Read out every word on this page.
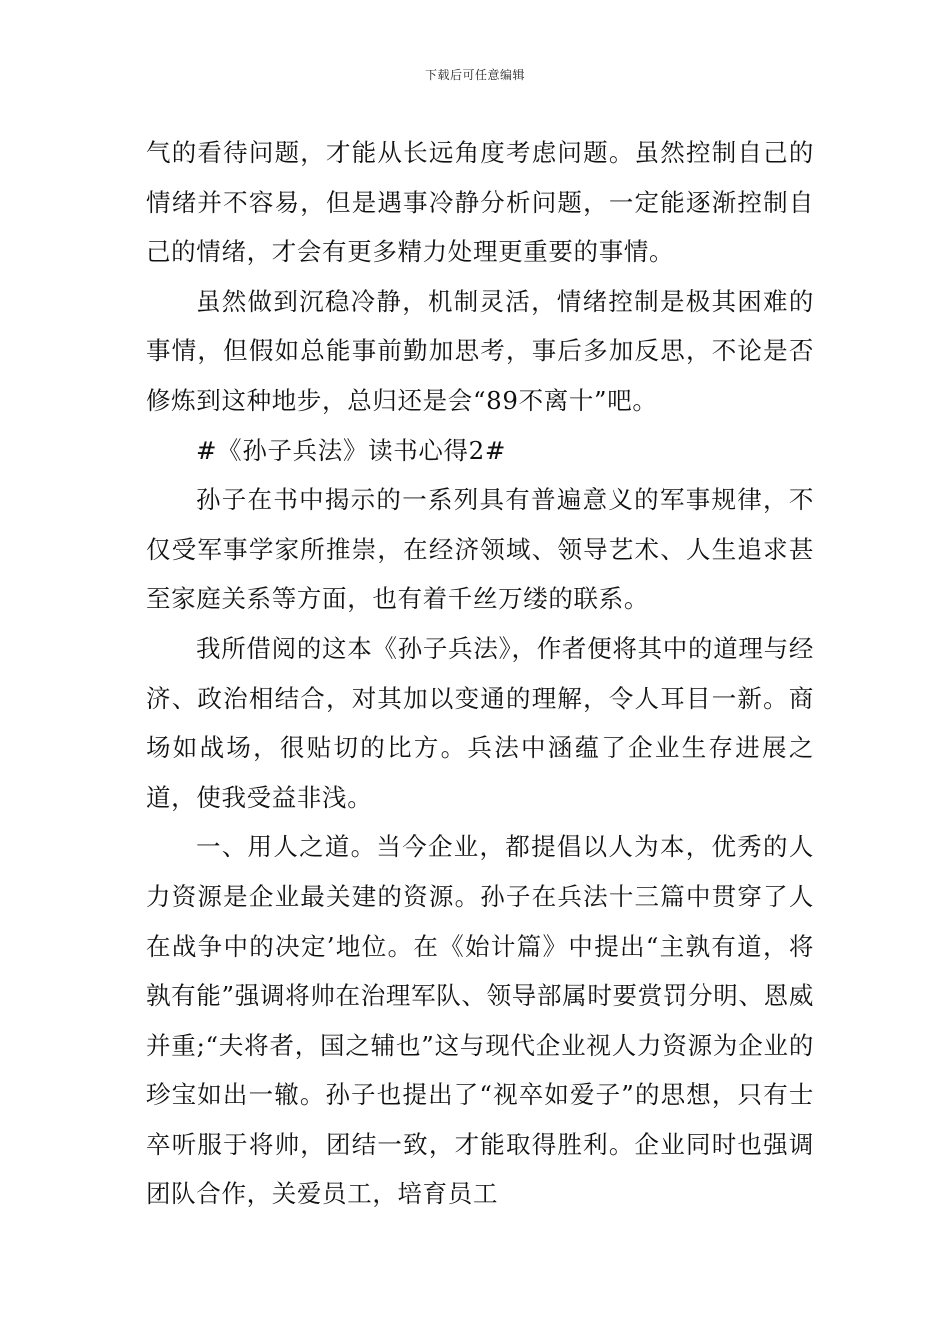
下载后可任意编辑

气的看待问题，才能从长远角度考虑问题。虽然控制自己的情绪并不容易，但是遇事冷静分析问题，一定能逐渐控制自己的情绪，才会有更多精力处理更重要的事情。

虽然做到沉稳冷静，机制灵活，情绪控制是极其困难的事情，但假如总能事前勤加思考，事后多加反思，不论是否修炼到这种地步，总归还是会“89不离十”吧。

#《孙子兵法》读书心得2#

孙子在书中揭示的一系列具有普遍意义的军事规律，不仅受军事学家所推崇，在经济领域、领导艺术、人生追求甚至家庭关系等方面，也有着千丝万缕的联系。

我所借阅的这本《孙子兵法》，作者便将其中的道理与经济、政治相结合，对其加以变通的理解，令人耳目一新。商场如战场，很贴切的比方。兵法中涵蕴了企业生存进展之道，使我受益非浅。

一、用人之道。当今企业，都提倡以人为本，优秀的人力资源是企业最关建的资源。孙子在兵法十三篇中贯穿了人在战争中的决定’地位。在《始计篇》中提出“主孰有道，将孰有能”强调将帅在治理军队、领导部属时要赏罚分明、恩威并重;“夫将者，国之辅也”这与现代企业视人力资源为企业的珍宝如出一辙。孙子也提出了“视卒如爱子”的思想，只有士卒听服于将帅，团结一致，才能取得胜利。企业同时也强调团队合作，关爱员工，培育员工
